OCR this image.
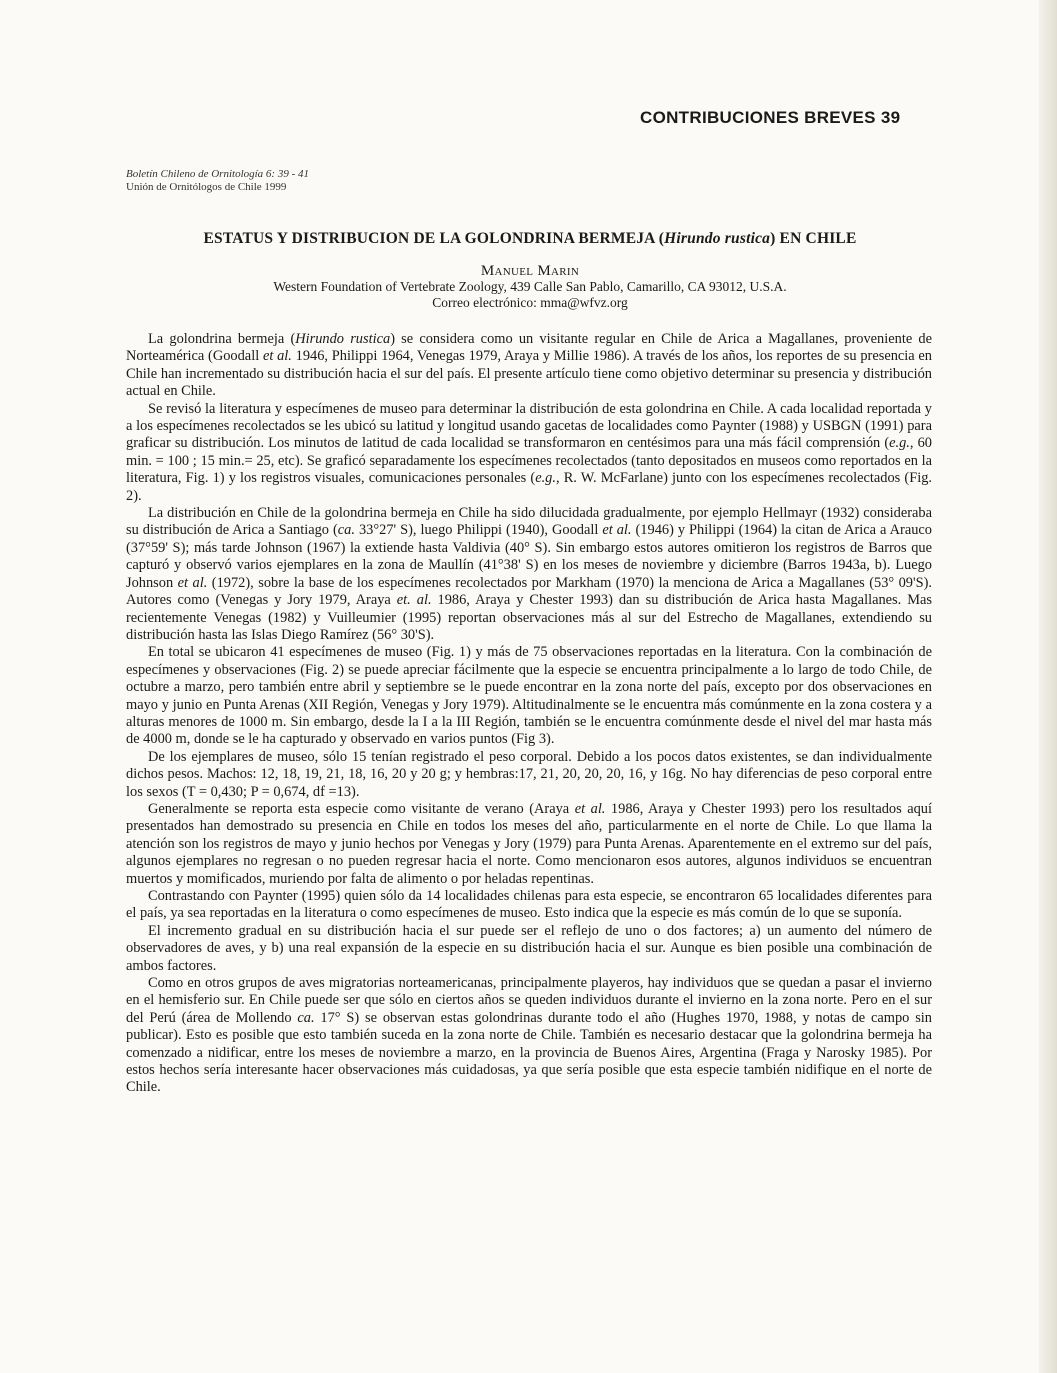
CONTRIBUCIONES BREVES 39
Boletín Chileno de Ornitología 6: 39 - 41
Unión de Ornitólogos de Chile 1999
ESTATUS Y DISTRIBUCION DE LA GOLONDRINA BERMEJA (Hirundo rustica) EN CHILE
Manuel Marin
Western Foundation of Vertebrate Zoology, 439 Calle San Pablo, Camarillo, CA 93012, U.S.A.
Correo electrónico: mma@wfvz.org

La golondrina bermeja (Hirundo rustica) se considera como un visitante regular en Chile de Arica a Magallanes, proveniente de Norteamérica (Goodall et al. 1946, Philippi 1964, Venegas 1979, Araya y Millie 1986). A través de los años, los reportes de su presencia en Chile han incrementado su distribución hacia el sur del país. El presente artículo tiene como objetivo determinar su presencia y distribución actual en Chile.

Se revisó la literatura y especímenes de museo para determinar la distribución de esta golondrina en Chile. A cada localidad reportada y a los especímenes recolectados se les ubicó su latitud y longitud usando gacetas de localidades como Paynter (1988) y USBGN (1991) para graficar su distribución. Los minutos de latitud de cada localidad se transformaron en centésimos para una más fácil comprensión (e.g., 60 min. = 100 ; 15 min.= 25, etc). Se graficó separadamente los especímenes recolectados (tanto depositados en museos como reportados en la literatura, Fig. 1) y los registros visuales, comunicaciones personales (e.g., R. W. McFarlane) junto con los especímenes recolectados (Fig. 2).

La distribución en Chile de la golondrina bermeja en Chile ha sido dilucidada gradualmente, por ejemplo Hellmayr (1932) consideraba su distribución de Arica a Santiago (ca. 33°27' S), luego Philippi (1940), Goodall et al. (1946) y Philippi (1964) la citan de Arica a Arauco (37°59' S); más tarde Johnson (1967) la extiende hasta Valdivia (40° S). Sin embargo estos autores omitieron los registros de Barros que capturó y observó varios ejemplares en la zona de Maullín (41°38' S) en los meses de noviembre y diciembre (Barros 1943a, b). Luego Johnson et al. (1972), sobre la base de los especímenes recolectados por Markham (1970) la menciona de Arica a Magallanes (53° 09'S). Autores como (Venegas y Jory 1979, Araya et. al. 1986, Araya y Chester 1993) dan su distribución de Arica hasta Magallanes. Mas recientemente Venegas (1982) y Vuilleumier (1995) reportan observaciones más al sur del Estrecho de Magallanes, extendiendo su distribución hasta las Islas Diego Ramírez (56° 30'S).

En total se ubicaron 41 especímenes de museo (Fig. 1) y más de 75 observaciones reportadas en la literatura. Con la combinación de especímenes y observaciones (Fig. 2) se puede apreciar fácilmente que la especie se encuentra principalmente a lo largo de todo Chile, de octubre a marzo, pero también entre abril y septiembre se le puede encontrar en la zona norte del país, excepto por dos observaciones en mayo y junio en Punta Arenas (XII Región, Venegas y Jory 1979). Altitudinalmente se le encuentra más comúnmente en la zona costera y a alturas menores de 1000 m. Sin embargo, desde la I a la III Región, también se le encuentra comúnmente desde el nivel del mar hasta más de 4000 m, donde se le ha capturado y observado en varios puntos (Fig 3).

De los ejemplares de museo, sólo 15 tenían registrado el peso corporal. Debido a los pocos datos existentes, se dan individualmente dichos pesos. Machos: 12, 18, 19, 21, 18, 16, 20 y 20 g; y hembras:17, 21, 20, 20, 20, 16, y 16g. No hay diferencias de peso corporal entre los sexos (T = 0,430; P = 0,674, df =13).

Generalmente se reporta esta especie como visitante de verano (Araya et al. 1986, Araya y Chester 1993) pero los resultados aquí presentados han demostrado su presencia en Chile en todos los meses del año, particularmente en el norte de Chile. Lo que llama la atención son los registros de mayo y junio hechos por Venegas y Jory (1979) para Punta Arenas. Aparentemente en el extremo sur del país, algunos ejemplares no regresan o no pueden regresar hacia el norte. Como mencionaron esos autores, algunos individuos se encuentran muertos y momificados, muriendo por falta de alimento o por heladas repentinas.

Contrastando con Paynter (1995) quien sólo da 14 localidades chilenas para esta especie, se encontraron 65 localidades diferentes para el país, ya sea reportadas en la literatura o como especímenes de museo. Esto indica que la especie es más común de lo que se suponía.

El incremento gradual en su distribución hacia el sur puede ser el reflejo de uno o dos factores; a) un aumento del número de observadores de aves, y b) una real expansión de la especie en su distribución hacia el sur. Aunque es bien posible una combinación de ambos factores.

Como en otros grupos de aves migratorias norteamericanas, principalmente playeros, hay individuos que se quedan a pasar el invierno en el hemisferio sur. En Chile puede ser que sólo en ciertos años se queden individuos durante el invierno en la zona norte. Pero en el sur del Perú (área de Mollendo ca. 17° S) se observan estas golondrinas durante todo el año (Hughes 1970, 1988, y notas de campo sin publicar). Esto es posible que esto también suceda en la zona norte de Chile. También es necesario destacar que la golondrina bermeja ha comenzado a nidificar, entre los meses de noviembre a marzo, en la provincia de Buenos Aires, Argentina (Fraga y Narosky 1985). Por estos hechos sería interesante hacer observaciones más cuidadosas, ya que sería posible que esta especie también nidifique en el norte de Chile.
